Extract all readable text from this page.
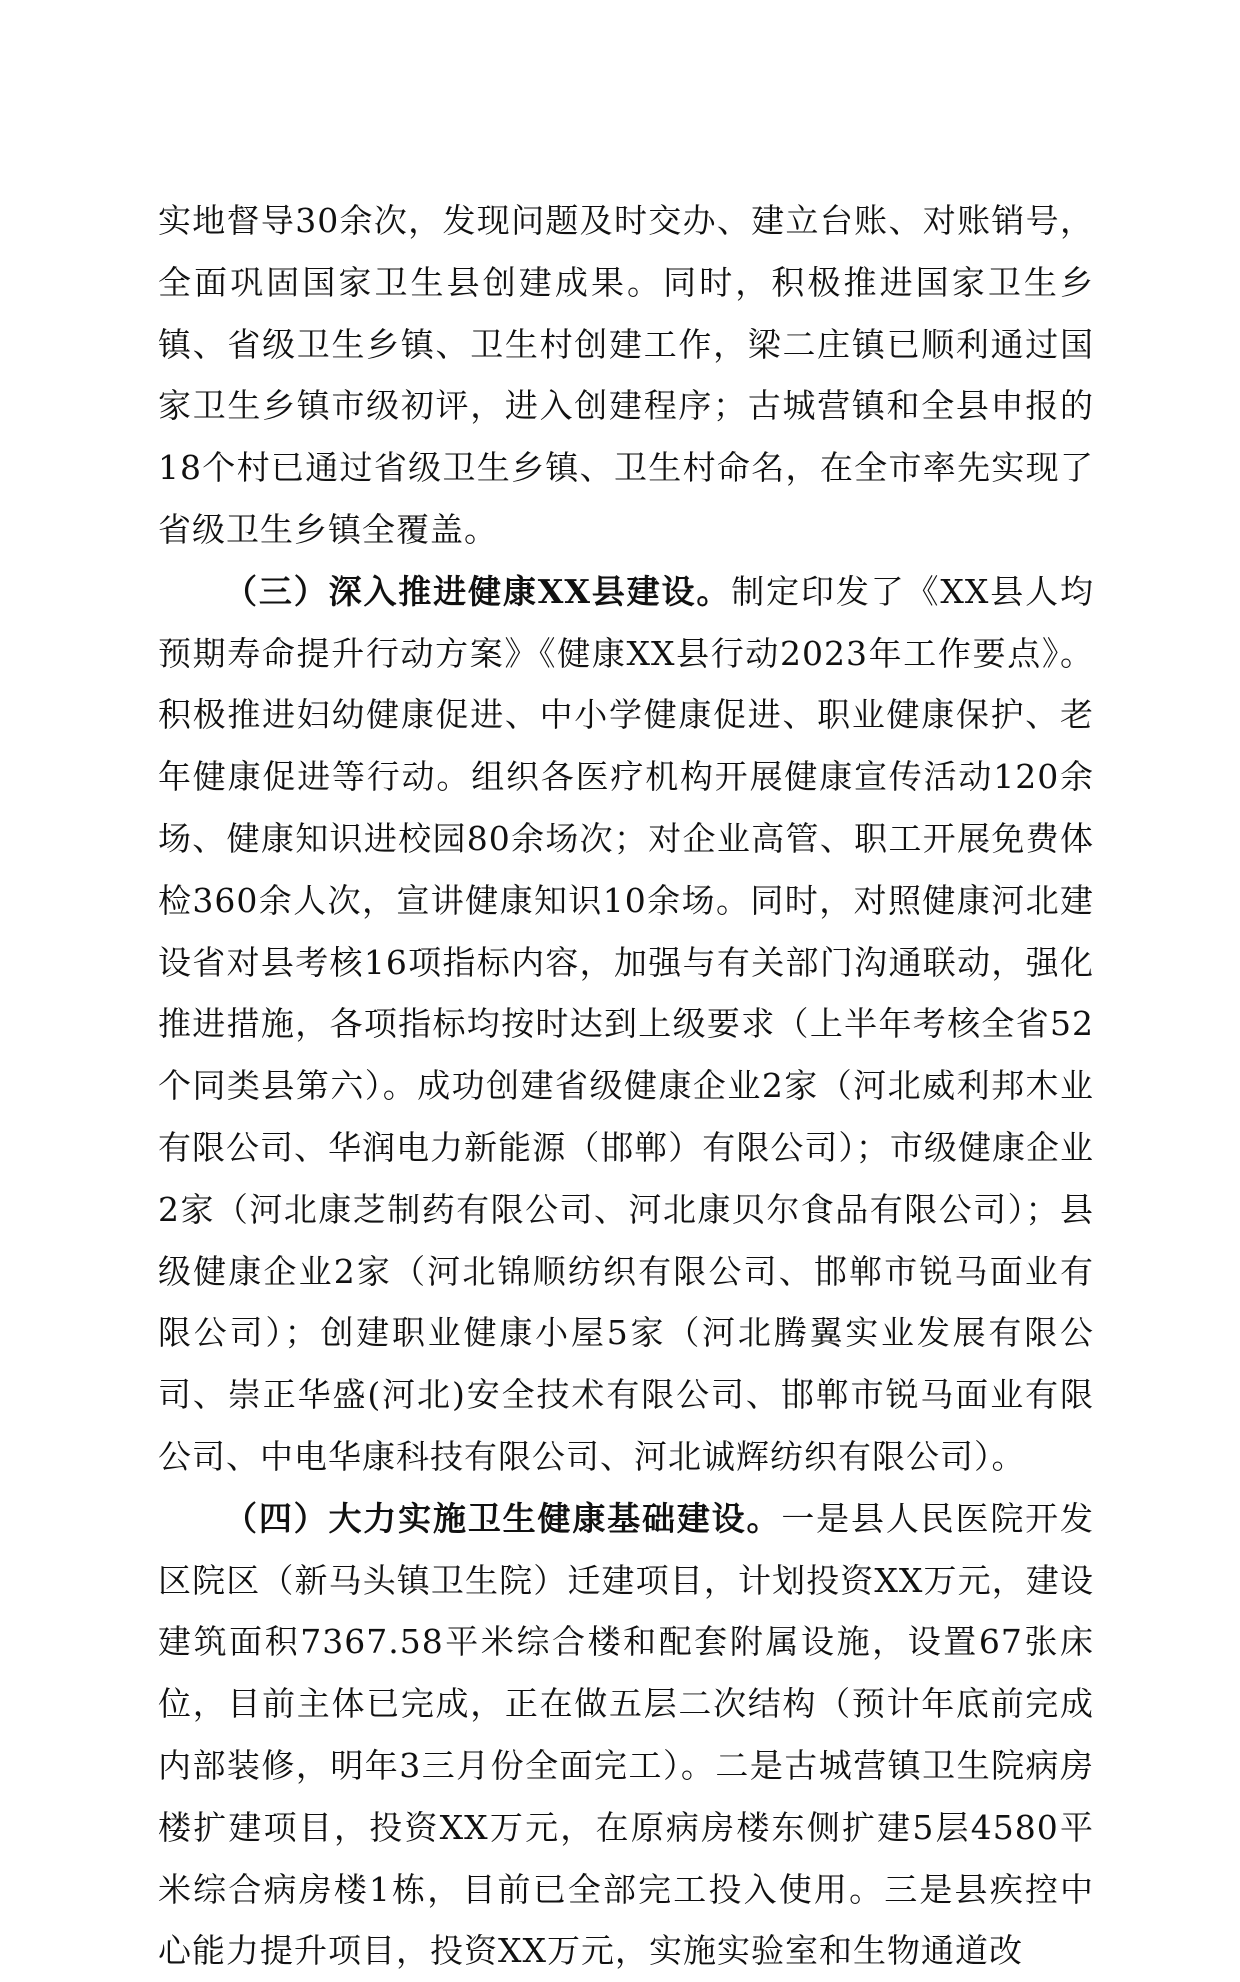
实地督导30余次，发现问题及时交办、建立台账、对账销号，全面巩固国家卫生县创建成果。同时，积极推进国家卫生乡镇、省级卫生乡镇、卫生村创建工作，梁二庄镇已顺利通过国家卫生乡镇市级初评，进入创建程序；古城营镇和全县申报的18个村已通过省级卫生乡镇、卫生村命名，在全市率先实现了省级卫生乡镇全覆盖。

（三）深入推进健康XX县建设。制定印发了《XX县人均预期寿命提升行动方案》《健康XX县行动2023年工作要点》。积极推进妇幼健康促进、中小学健康促进、职业健康保护、老年健康促进等行动。组织各医疗机构开展健康宣传活动120余场、健康知识进校园80余场次；对企业高管、职工开展免费体检360余人次，宣讲健康知识10余场。同时，对照健康河北建设省对县考核16项指标内容，加强与有关部门沟通联动，强化推进措施，各项指标均按时达到上级要求（上半年考核全省52个同类县第六）。成功创建省级健康企业2家（河北威利邦木业有限公司、华润电力新能源（邯郸）有限公司）；市级健康企业2家（河北康芝制药有限公司、河北康贝尔食品有限公司）；县级健康企业2家（河北锦顺纺织有限公司、邯郸市锐马面业有限公司）；创建职业健康小屋5家（河北腾翼实业发展有限公司、崇正华盛(河北)安全技术有限公司、邯郸市锐马面业有限公司、中电华康科技有限公司、河北诚辉纺织有限公司）。

（四）大力实施卫生健康基础建设。一是县人民医院开发区院区（新马头镇卫生院）迁建项目，计划投资XX万元，建设建筑面积7367.58平米综合楼和配套附属设施，设置67张床位，目前主体已完成，正在做五层二次结构（预计年底前完成内部装修，明年3三月份全面完工）。二是古城营镇卫生院病房楼扩建项目，投资XX万元，在原病房楼东侧扩建5层4580平米综合病房楼1栋，目前已全部完工投入使用。三是县疾控中心能力提升项目，投资XX万元，实施实验室和生物通道改
